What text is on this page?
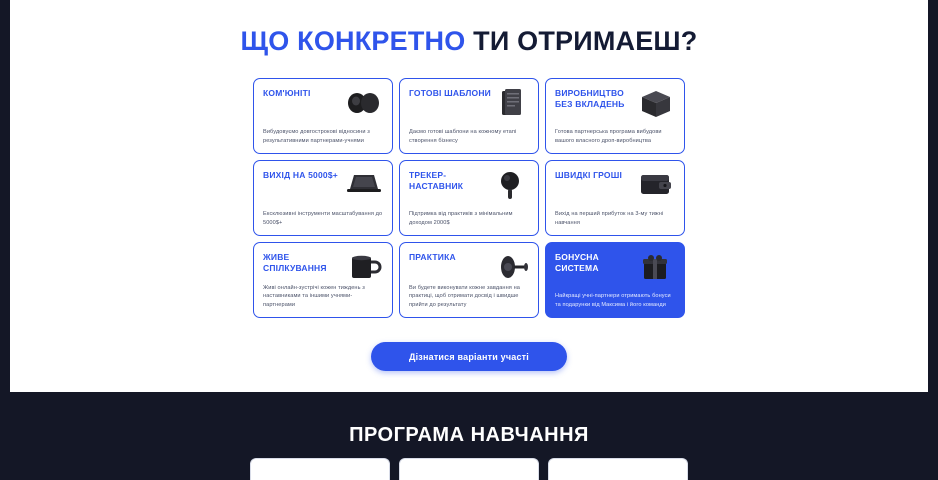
ЩО КОНКРЕТНО ТИ ОТРИМАЕШ?
КОМ'ЮНІТІ
Вибудовуємо довгострокові відносини з результативними партнерами-учнями
ГОТОВІ ШАБЛОНИ
Даємо готові шаблони на кожному етапі створення бізнесу
ВИРОБНИЦТВО БЕЗ ВКЛАДЕНЬ
Готова партнерська програма вибудови вашого власного дроп-виробництва
ВИХІД НА 5000$+
Ексклюзивні інструменти масштабування до 5000$+
ТРЕКЕР-НАСТАВНИК
Підтримка від практиків з мінімальним доходом 2000$
ШВИДКІ ГРОШІ
Вихід на перший прибуток на 3-му тижні навчання
ЖИВЕ СПІЛКУВАННЯ
Живі онлайн-зустрічі кожен тиждень з наставниками та іншими учнями-партнерами
ПРАКТИКА
Ви будете виконувати кожне завдання на практиці, щоб отримати досвід і швидше прийти до результату
БОНУСНА СИСТЕМА
Найкращі учні-партнери отримають бонуси та подарунки від Максима і його команди
Дізнатися варіанти участі
ПРОГРАМА НАВЧАННЯ
